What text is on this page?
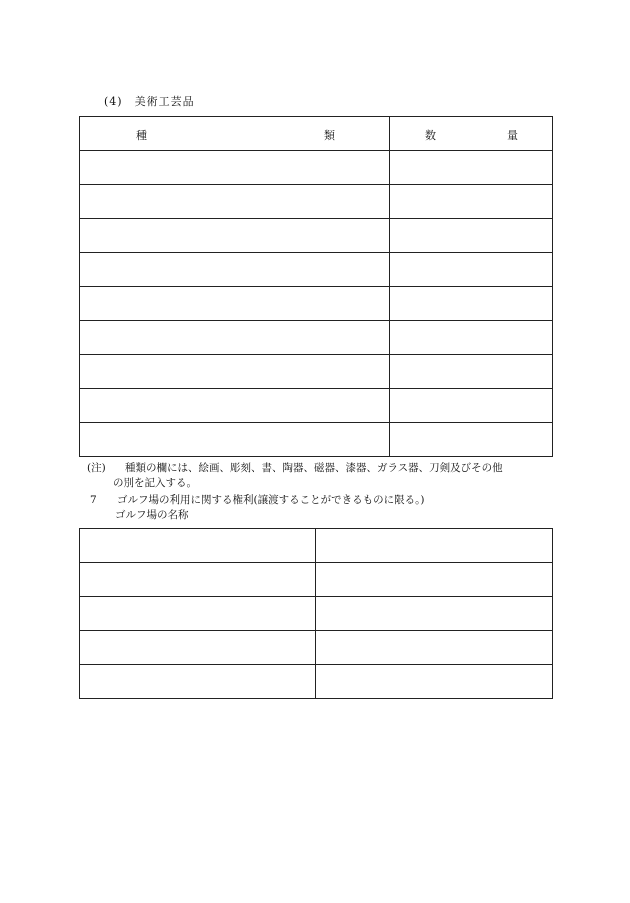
(4) 美術工芸品
種 類	数 量

(注) 種類の欄には、絵画、彫刻、書、陶器、磁器、漆器、ガラス器、刀剣及びその他
の別を記入する。
7 ゴルフ場の利用に関する権利(譲渡することができるものに限る。)
ゴルフ場の名称
